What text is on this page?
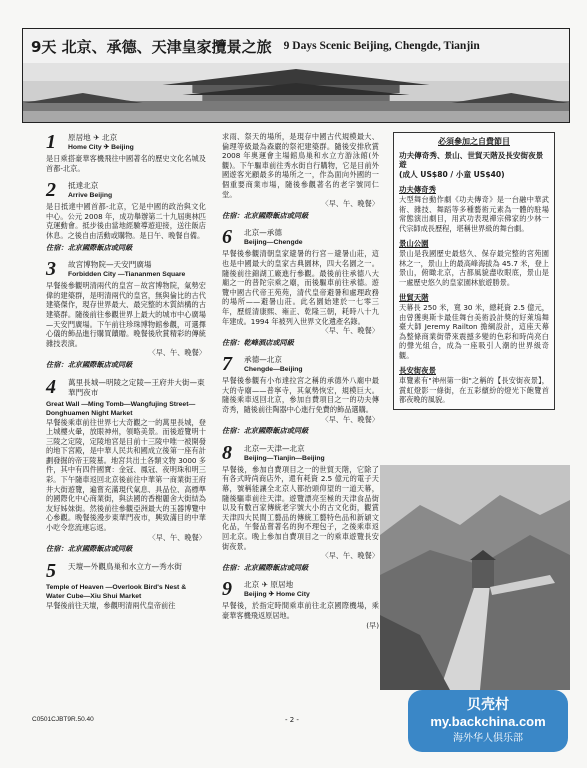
9天 北京、承德、天津皇家攬景之旅 9 Days Scenic Beijing, Chengde, Tianjin
1	原居地 ✈ 北京
Home City ✈ Beijing
是日乘搭豪華客機飛往中國著名的歷史文化名城及首都-北京。
2	抵達北京
Arrive Beijing
是日抵達中國首都-北京，它是中國的政治與文化中心。公元 2008 年，成功舉辦第二十九屆奧林匹克運動會。抵步後由當地經驗導遊迎接，送往飯店休息。之後自由活動或購物。是日午、晚餐自備。
住宿：北京國際飯店或同級
3	故宮博物院—天安門廣場
Forbidden City —Tiananmen Square
早餐後參觀明清兩代的皇宮－故宮博物院，氣勢宏偉的建築群，是明清兩代的皇宮，無與倫比的古代建築傑作，現存世界最大、最完整的木質結構的古建築群。隨後前往參觀世界上最大的城市中心廣場—天安門廣場。下午前往珍珠博物館參觀，可選擇心儀的飾品進行購買饋贈。晚餐後欣賞精彩的傳統雜技表演。
〈早、午、晚餐〉
住宿：北京國際飯店或同級
4	萬里長城—明陵之定陵—王府井大街—東華門夜市
Great Wall —Ming Tomb—Wangfujing Street—Donghuamen Night Market
早餐後乘車前往世界七大奇觀之一的萬里長城，登上城樓火暈，放眼神州，領略美景。而後遊覽明十三陵之定陵，定陵地宮是目前十三陵中唯一被開發的地下宮殿，是中華人民共和國成立後第一座有計劃發掘的帝王陵墓。地宮共出土各類文物 3000 多件，其中有四件國寶：金冠、鳳冠、夜明珠和明三彩。下午隨車返回北京後前往中華第一商業街王府井大街遊覽，遍嘗充滿現代氣息、具品位、高標準的國際化中心商業街，與法國的香榭麗舍大街結為友好姊妹街。然後前往參觀亞洲最大的玉器博覽中心參觀。晚餐後漫步東華門夜市，興致滿目的中華小吃令您流連忘返。
〈早、午、晚餐〉
住宿：北京國際飯店或同級
5	天壇—外觀鳥巢和水立方—秀水街
Temple of Heaven —Overlook Bird's Nest & Water Cube—Xiu Shui Market
早餐後前往天壇，參觀明清兩代皇帝前往
求雨、祭天的場所，是現存中國古代規模最大、倫理等級最為森嚴的祭祀建築群。隨後安排欣賞 2008 年奧運會主場館鳥巢和水立方游泳館(外觀)。下午驅車前往秀水街自行購物，它是目前外國遊客光顧最多的場所之一，作為面向外國的一個重要商業市場，隨後參觀著名的老字號同仁堂。
〈早、午、晚餐〉
住宿：北京國際飯店或同級
6	北京—承德
Beijing—Chengde
早餐後參觀清朝皇家避暑的行宮－避暑山莊，這也是中國最大的皇家古典園林，四大名園之一。隨後前往錦湖工廠進行參觀。最後前往承德八大廟之一的普陀宗乘之廟，而後驅車前往承德。遊覽中國古代帝王苑苑，清代皇帝避暑和處理政務的場所——避暑山莊。此名園始建於一七零三年，歷經清康熙、雍正、乾隆三朝，耗時八十九年建成。1994 年被列入世界文化遺產名錄。
〈早、午、晚餐〉
住宿：乾峰酒店或同級
7	承德—北京
Chengde—Beijing
早餐後參觀有小布達拉宮之稱的承德外八廟中最大的寺廟——普寧寺，其氣勢恢宏，規模巨大。隨後乘車返回北京，參加自費項目之一的功夫傳奇秀，隨後前往陶器中心進行免費的飾品選購。
〈早、午、晚餐〉
住宿：北京國際飯店或同級
8	北京—天津—北京
Beijing—Tianjin—Beijing
早餐後，參加自費項目之一的世貿天階，它除了有各式時尚商店外，還有耗資 2.5 億元的電子天幕，號稱能讓全北京人都抬頭仰望的一道天幕，隨後驅車前往天津。遊覽漂亮至極的天津食品街以及有數百家傳統老字號大小的古文化街，觀賞天津四大民間工藝品的傳統工藝特色品和新穎文化品，午餐品嘗著名的狗不理包子，之後乘車返回北京。晚上參加自費項目之一的乘車遊覽長安街夜景。
〈早、午、晚餐〉
住宿：北京國際飯店或同級
9	北京 ✈ 原居地
Beijing ✈ Home City
早餐後，於指定時間乘車前往北京國際機場，乘豪華客機飛返原居地。
(早)
必須參加之自費節目
功夫傳奇秀、景山、世貿天階及長安街夜景遊
(成人 US$80 / 小童 US$40)
功夫傳奇秀
大型舞台動作劇《功夫傳奇》是一台融中華武術、雜技、舞蹈等多種藝術元素為一體的駐場常態演出劇目，用武功表現禪宗佛家的少林一代宗師成長歷程，堪稱世界級的舞台劇。
景山公園
景山是我國歷史最悠久、保存最完整的宮苑園林之一，景山上的最高峰海拔為 45.7 米，登上景山，俯瞰北京，古都風貌盡收眼底，景山是一處歷史悠久的皇家園林旅遊勝景。
世貿天階
天幕長 250 米，寬 30 米，總耗資 2.5 億元，由曾獲奧斯卡最佳舞台美術設計獎的好萊塢舞臺大師 Jeremy Railton 擔綱設計，這座天幕為整條商業街帶來震撼多變的色彩和時尚亮白的聲光組合，成為一座吸引人潮的世界級奇觀。
長安街夜景
車覽素有"神州第一街"之稱的【長安街夜景】，賞虹燈影一條街，在五彩繽紛的燈光下飽覽首都夜晚的風貌。
C0501CJBT9R.50.40	- 2 -
贝壳村
my.backchina.com
海外华人俱乐部
